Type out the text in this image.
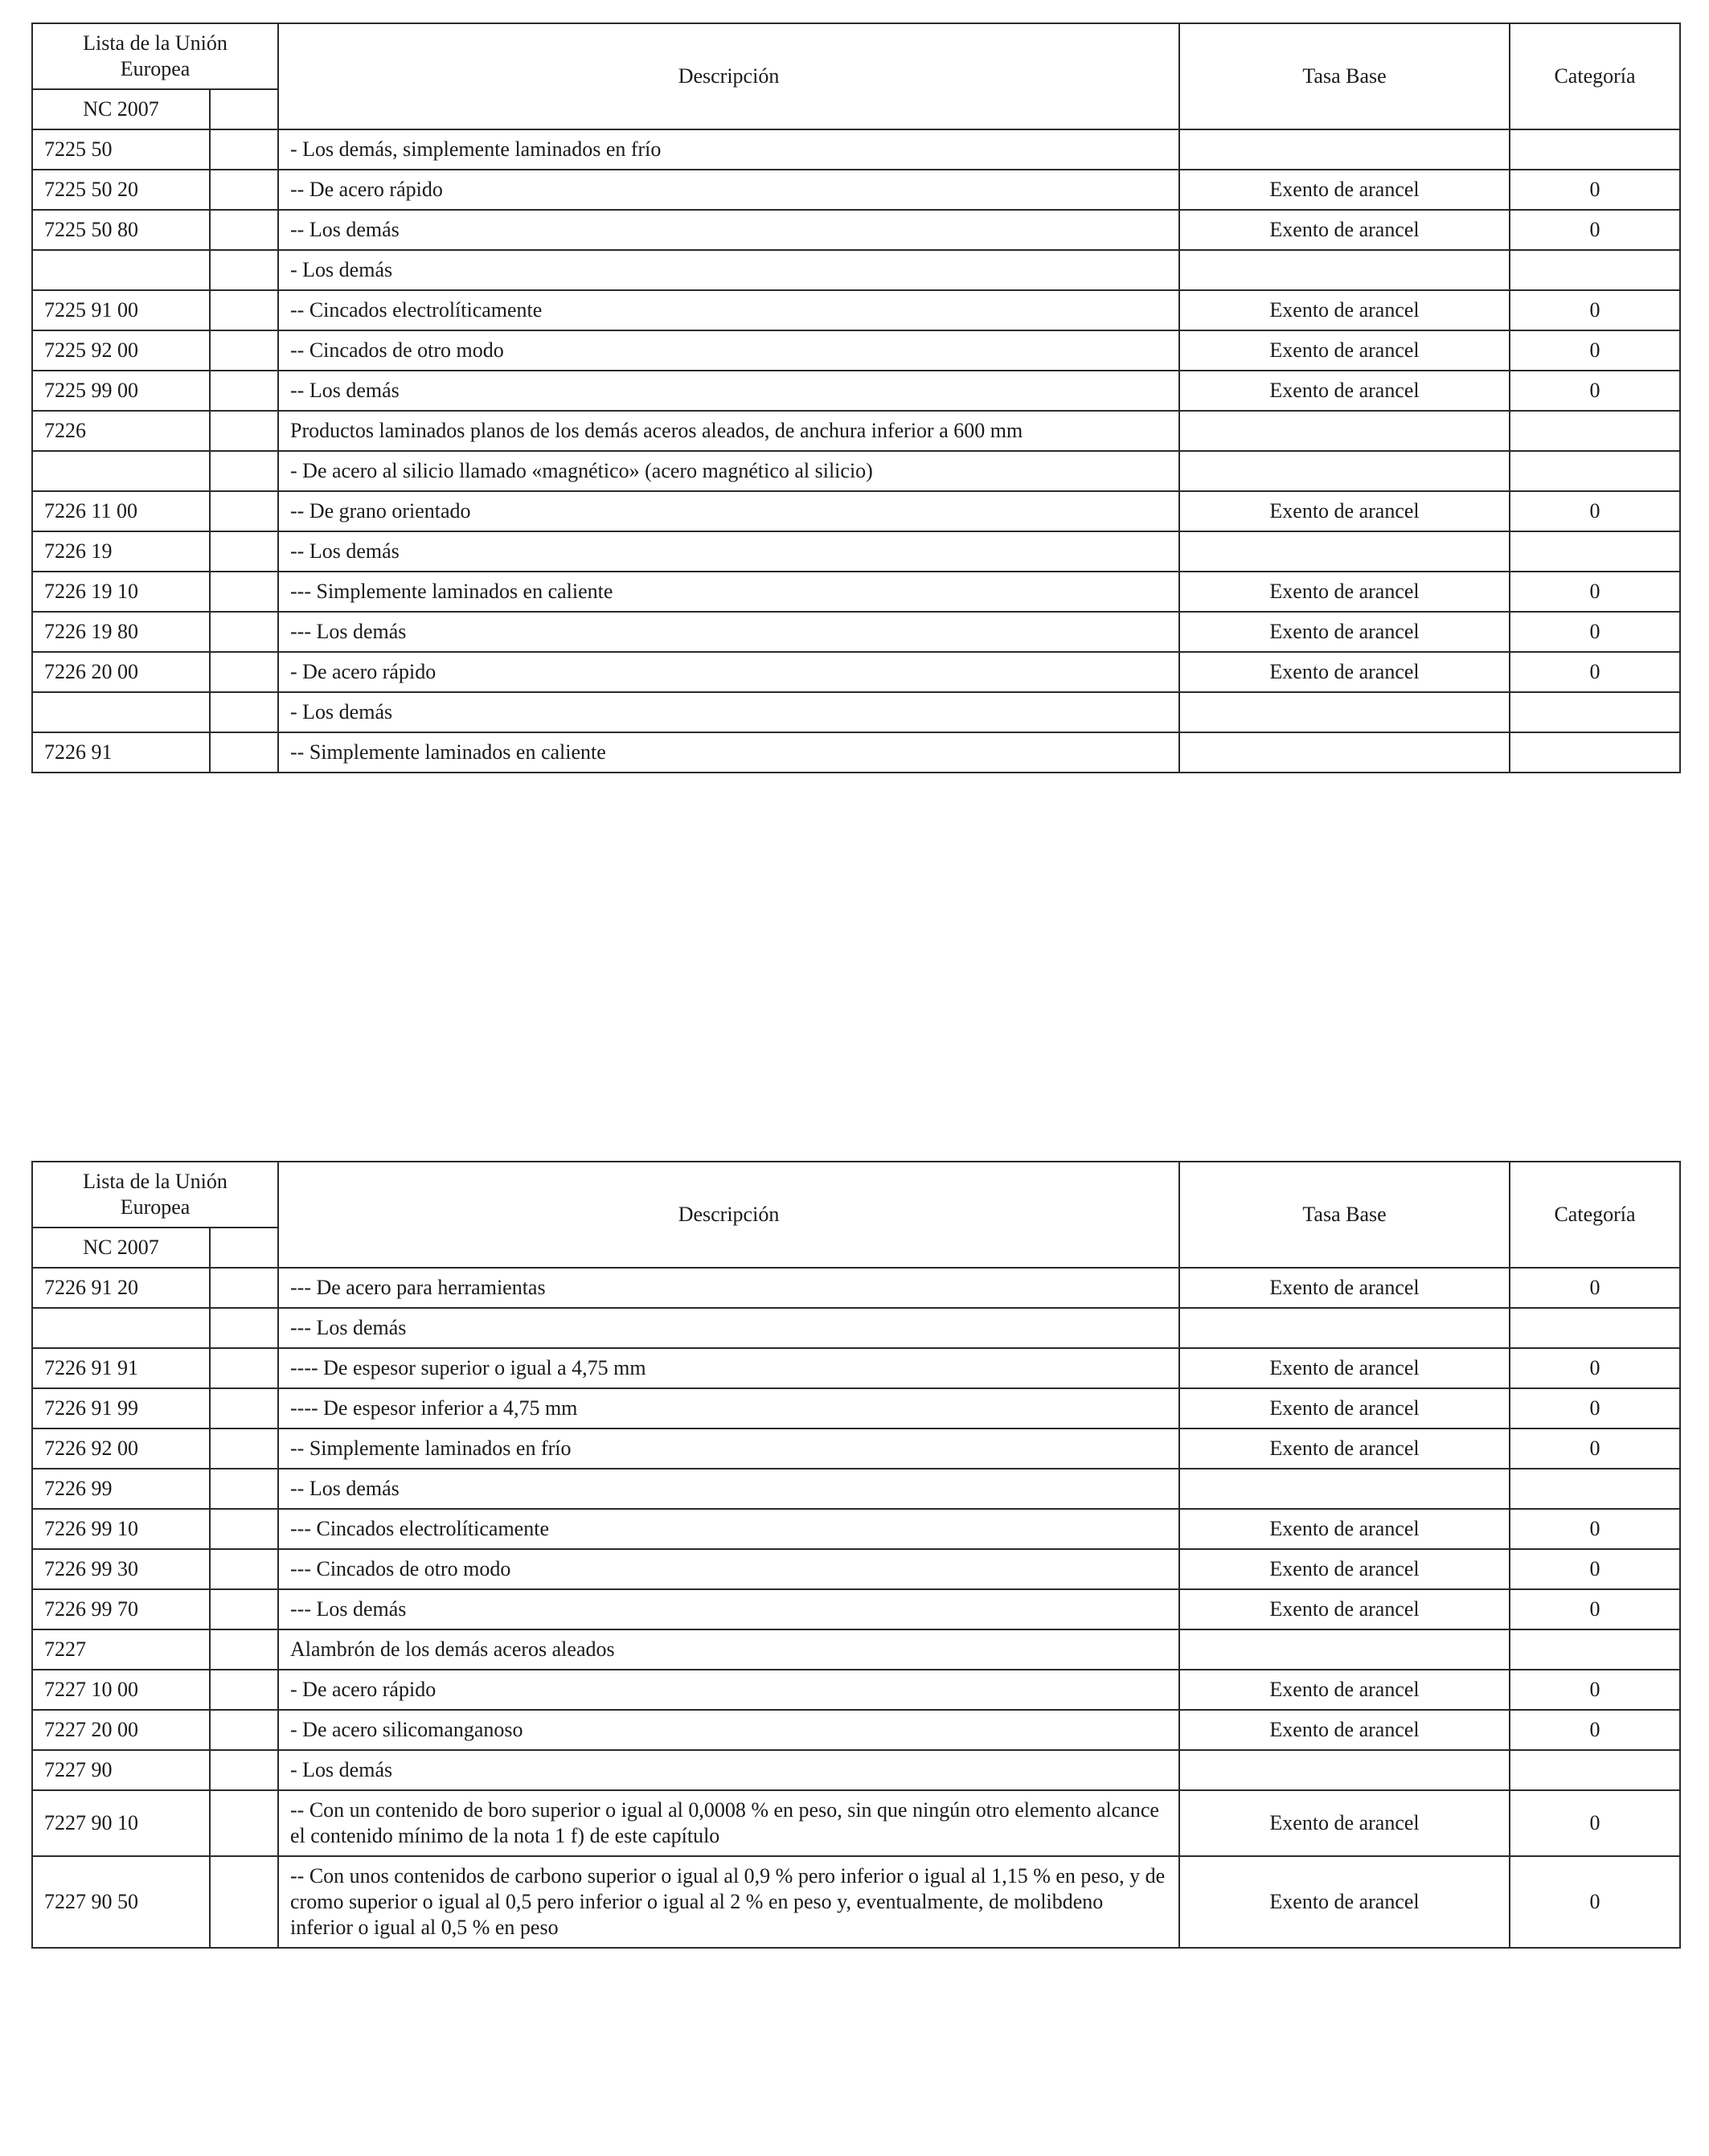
Lista de la Unión
Europea		Descripción	Tasa Base	Categoría
NC 2007				
7225 50		- Los demás, simplemente laminados en frío		
7225 50 20		-- De acero rápido	Exento de arancel	0
7225 50 80		-- Los demás	Exento de arancel	0
		- Los demás		
7225 91 00		-- Cincados electrolíticamente	Exento de arancel	0
7225 92 00		-- Cincados de otro modo	Exento de arancel	0
7225 99 00		-- Los demás	Exento de arancel	0
7226		Productos laminados planos de los demás aceros aleados, de anchura inferior a 600 mm		
		- De acero al silicio llamado «magnético» (acero magnético al silicio)		
7226 11 00		-- De grano orientado	Exento de arancel	0
7226 19		-- Los demás		
7226 19 10		--- Simplemente laminados en caliente	Exento de arancel	0
7226 19 80		--- Los demás	Exento de arancel	0
7226 20 00		- De acero rápido	Exento de arancel	0
		- Los demás		
7226 91		-- Simplemente laminados en caliente		
Lista de la Unión
Europea		Descripción	Tasa Base	Categoría
NC 2007				
7226 91 20		--- De acero para herramientas	Exento de arancel	0
		--- Los demás		
7226 91 91		---- De espesor superior o igual a 4,75 mm	Exento de arancel	0
7226 91 99		---- De espesor inferior a 4,75 mm	Exento de arancel	0
7226 92 00		-- Simplemente laminados en frío	Exento de arancel	0
7226 99		-- Los demás		
7226 99 10		--- Cincados electrolíticamente	Exento de arancel	0
7226 99 30		--- Cincados de otro modo	Exento de arancel	0
7226 99 70		--- Los demás	Exento de arancel	0
7227		Alambrón de los demás aceros aleados		
7227 10 00		- De acero rápido	Exento de arancel	0
7227 20 00		- De acero silicomanganoso	Exento de arancel	0
7227 90		- Los demás		
7227 90 10		-- Con un contenido de boro superior o igual al 0,0008 % en peso, sin que ningún otro elemento alcance el contenido mínimo de la nota 1 f) de este capítulo	Exento de arancel	0
7227 90 50		-- Con unos contenidos de carbono superior o igual al 0,9 % pero inferior o igual al 1,15 % en peso, y de cromo superior o igual al 0,5 pero inferior o igual al 2 % en peso y, eventualmente, de molibdeno inferior o igual al 0,5 % en peso	Exento de arancel	0
